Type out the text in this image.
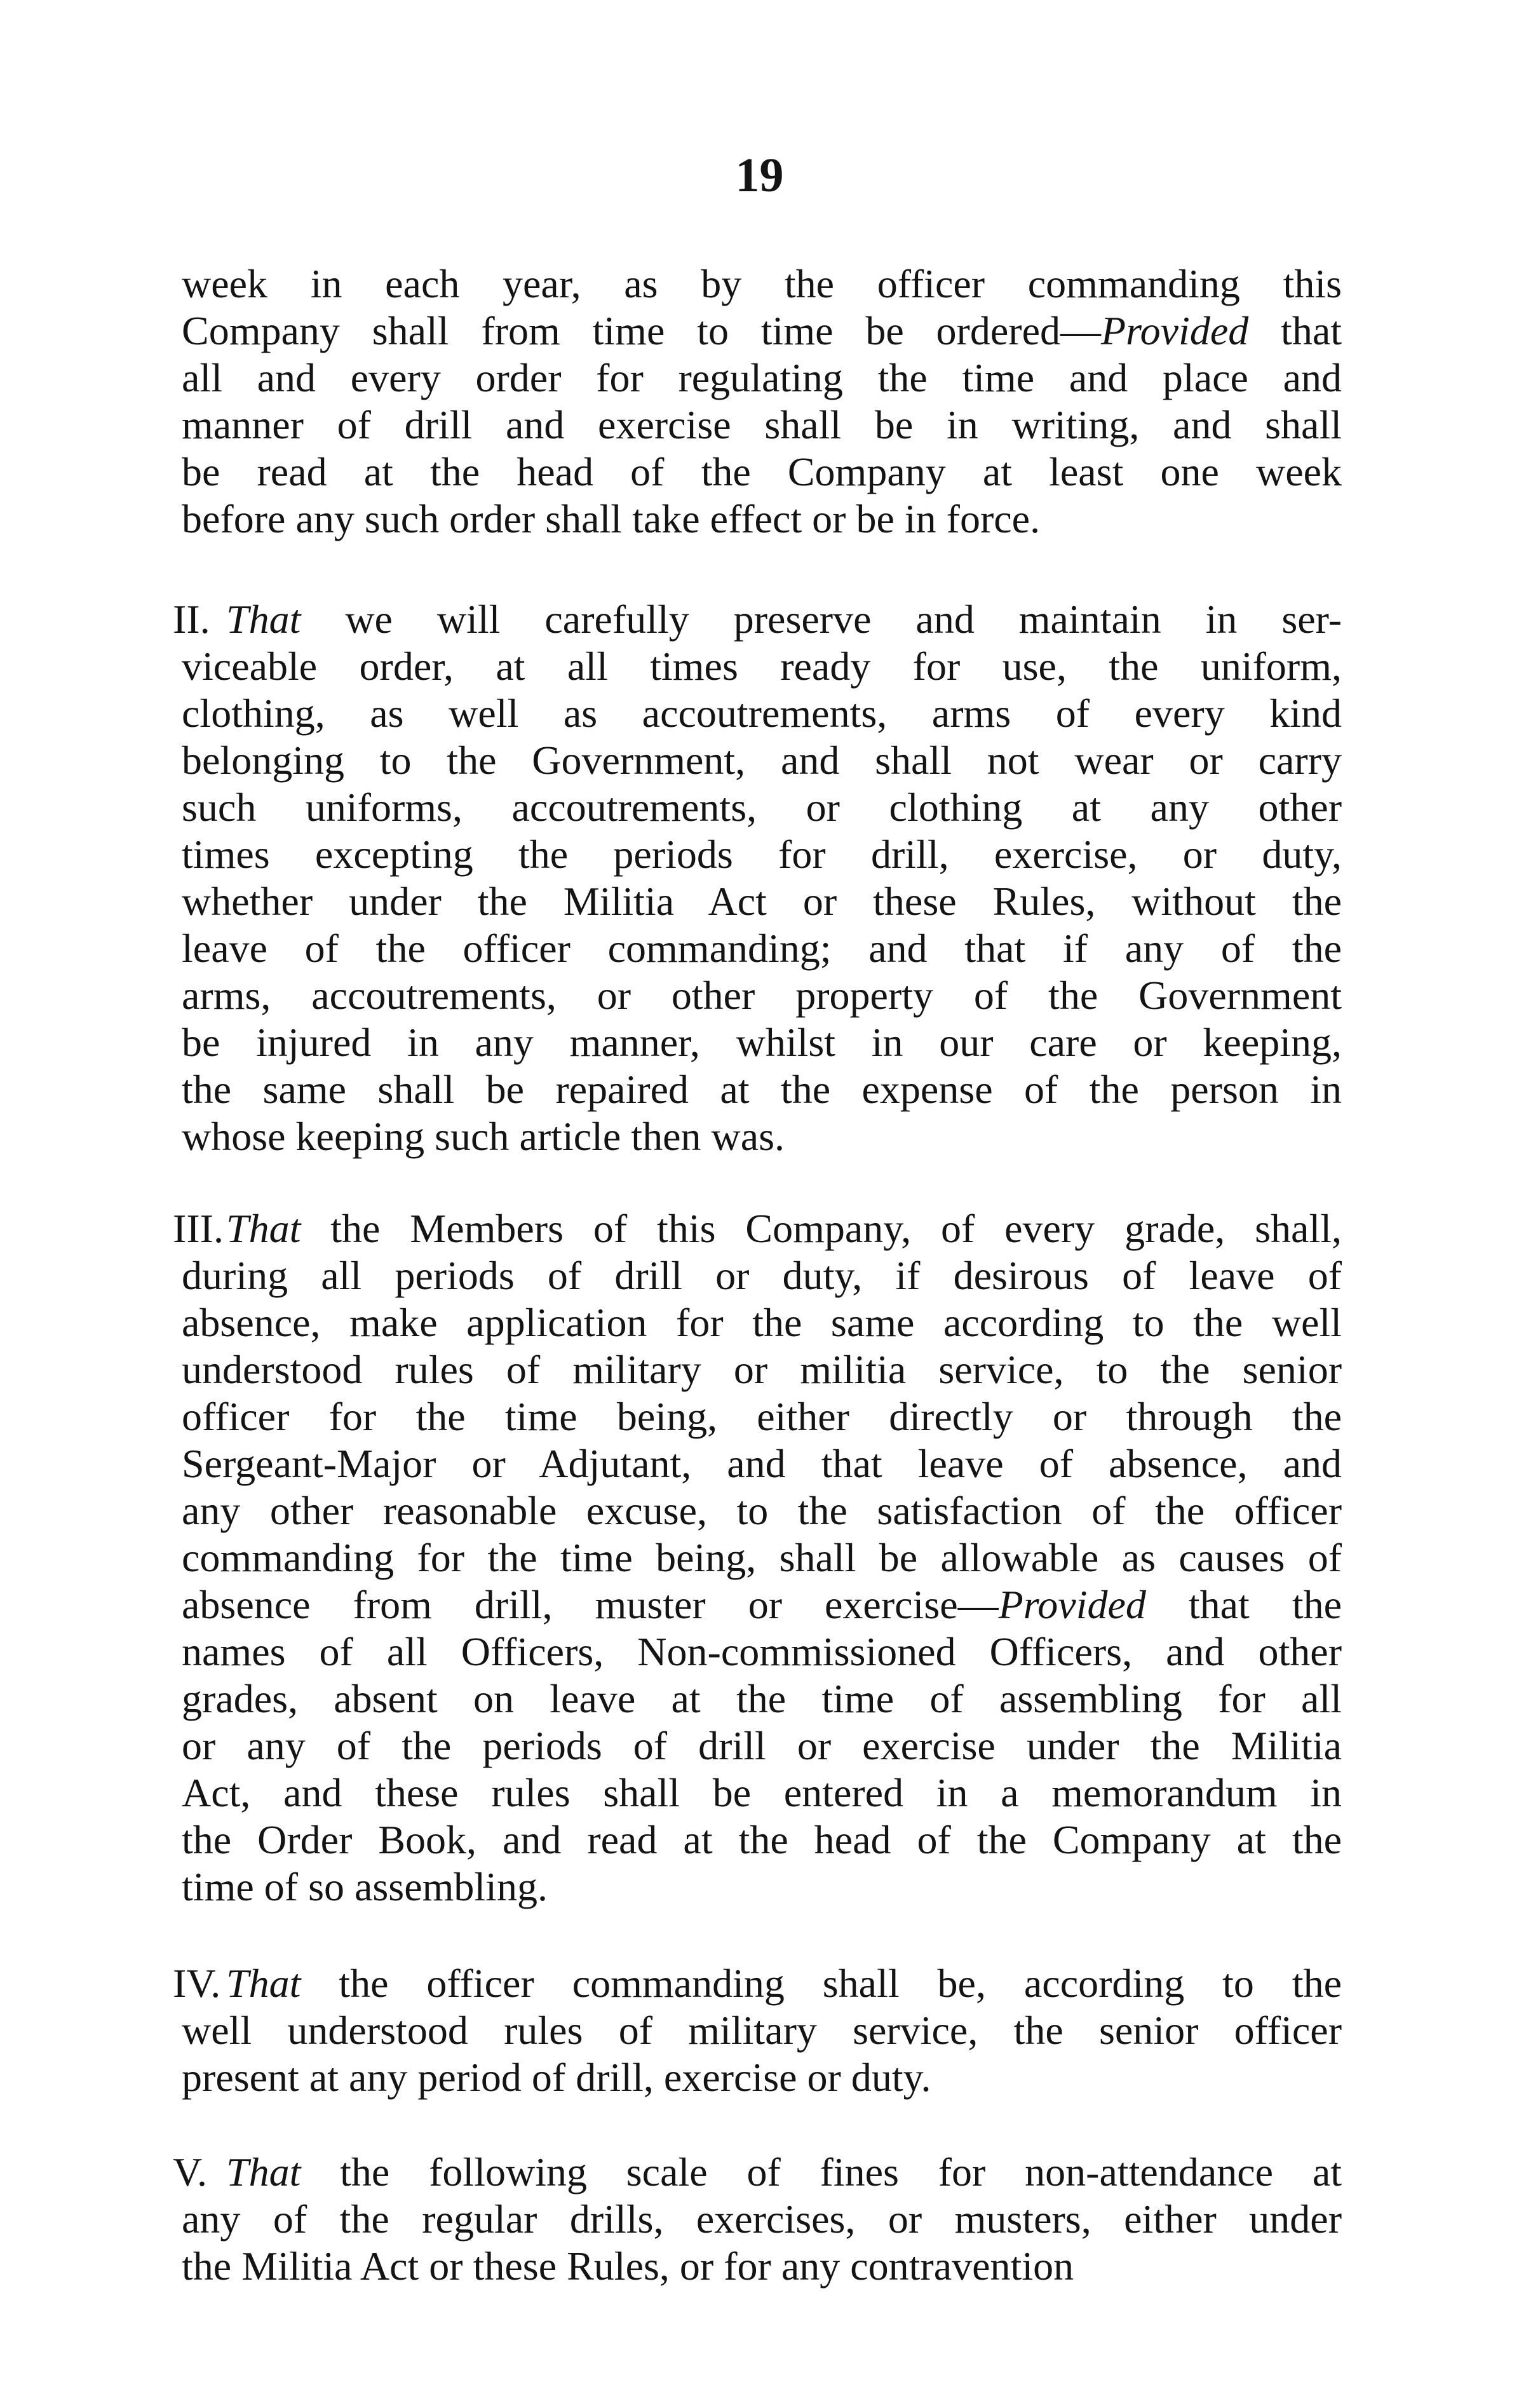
19
week in each year, as by the officer commanding this
Company shall from time to time be ordered—Provided that
all and every order for regulating the time and place and
manner of drill and exercise shall be in writing, and shall
be read at the head of the Company at least one week
before any such order shall take effect or be in force.
II. That we will carefully preserve and maintain in ser-
viceable order, at all times ready for use, the uniform,
clothing, as well as accoutrements, arms of every kind
belonging to the Government, and shall not wear or carry
such uniforms, accoutrements, or clothing at any other
times excepting the periods for drill, exercise, or duty,
whether under the Militia Act or these Rules, without the
leave of the officer commanding; and that if any of the
arms, accoutrements, or other property of the Government
be injured in any manner, whilst in our care or keeping,
the same shall be repaired at the expense of the person in
whose keeping such article then was.
III. That the Members of this Company, of every grade, shall,
during all periods of drill or duty, if desirous of leave of
absence, make application for the same according to the well
understood rules of military or militia service, to the senior
officer for the time being, either directly or through the
Sergeant-Major or Adjutant, and that leave of absence, and
any other reasonable excuse, to the satisfaction of the officer
commanding for the time being, shall be allowable as causes of
absence from drill, muster or exercise—Provided that the
names of all Officers, Non-commissioned Officers, and other
grades, absent on leave at the time of assembling for all
or any of the periods of drill or exercise under the Militia
Act, and these rules shall be entered in a memorandum in
the Order Book, and read at the head of the Company at the
time of so assembling.
IV. That the officer commanding shall be, according to the
well understood rules of military service, the senior officer
present at any period of drill, exercise or duty.
V. That the following scale of fines for non-attendance at
any of the regular drills, exercises, or musters, either under
the Militia Act or these Rules, or for any contravention
